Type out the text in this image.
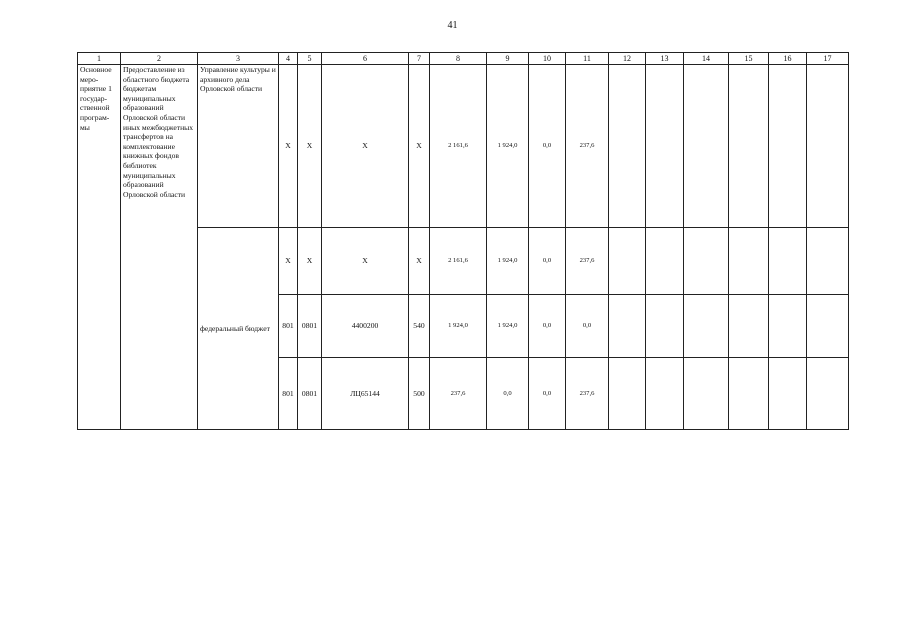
41
1	2	3	4	5	6	7	8	9	10	11	12	13	14	15	16	17
Основное меро-приятие 1 государ-ственной програм-мы	Предоставление из областного бюджета бюджетам муниципальных образований Орловской области иных межбюджетных трансфертов на комплектование книжных фондов библиотек муниципальных образований Орловской области	Управление культуры и архивного дела Орловской области	X	X	X	X	2 161,6	1 924,0	0,0	237,6						
		федеральный бюджет	X	X	X	X	2 161,6	1 924,0	0,0	237,6						
			801	0801	4400200	540	1 924,0	1 924,0	0,0	0,0						
			801	0801	ЛЦ65144	500	237,6	0,0	0,0	237,6						
